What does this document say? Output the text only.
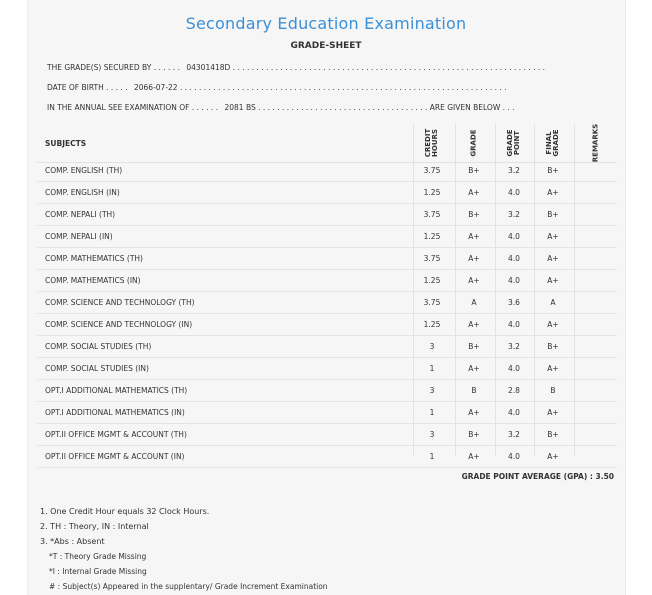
Secondary Education Examination
GRADE-SHEET
THE GRADE(S) SECURED BY . . . . . . 04301418D . . . . . . . . . . . . . . . . . . . . . . . . . . . . . . . . . . . . . . . . . . . . . . . . . . . . . . . . . . . . . . . . . .
DATE OF BIRTH . . . . . 2066-07-22 . . . . . . . . . . . . . . . . . . . . . . . . . . . . . . . . . . . . . . . . . . . . . . . . . . . . . . . . . . . . . . . . . . . . .
IN THE ANNUAL SEE EXAMINATION OF . . . . . . 2081 BS . . . . . . . . . . . . . . . . . . . . . . . . . . . . . . . . . . . . ARE GIVEN BELOW . . .
SUBJECTS	CREDIT HOURS	GRADE	GRADE POINT	FINAL GRADE	REMARKS
COMP. ENGLISH (TH)	3.75	B+	3.2	B+
COMP. ENGLISH (IN)	1.25	A+	4.0	A+
COMP. NEPALI (TH)	3.75	B+	3.2	B+
COMP. NEPALI (IN)	1.25	A+	4.0	A+
COMP. MATHEMATICS (TH)	3.75	A+	4.0	A+
COMP. MATHEMATICS (IN)	1.25	A+	4.0	A+
COMP. SCIENCE AND TECHNOLOGY (TH)	3.75	A	3.6	A
COMP. SCIENCE AND TECHNOLOGY (IN)	1.25	A+	4.0	A+
COMP. SOCIAL STUDIES (TH)	3	B+	3.2	B+
COMP. SOCIAL STUDIES (IN)	1	A+	4.0	A+
OPT.I ADDITIONAL MATHEMATICS (TH)	3	B	2.8	B
OPT.I ADDITIONAL MATHEMATICS (IN)	1	A+	4.0	A+
OPT.II OFFICE MGMT & ACCOUNT (TH)	3	B+	3.2	B+
OPT.II OFFICE MGMT & ACCOUNT (IN)	1	A+	4.0	A+
GRADE POINT AVERAGE (GPA) : 3.50
1. One Credit Hour equals 32 Clock Hours.
2. TH : Theory, IN : Internal
3. *Abs : Absent
*T : Theory Grade Missing
*I : Internal Grade Missing
# : Subject(s) Appeared in the supplentary/ Grade Increment Examination
